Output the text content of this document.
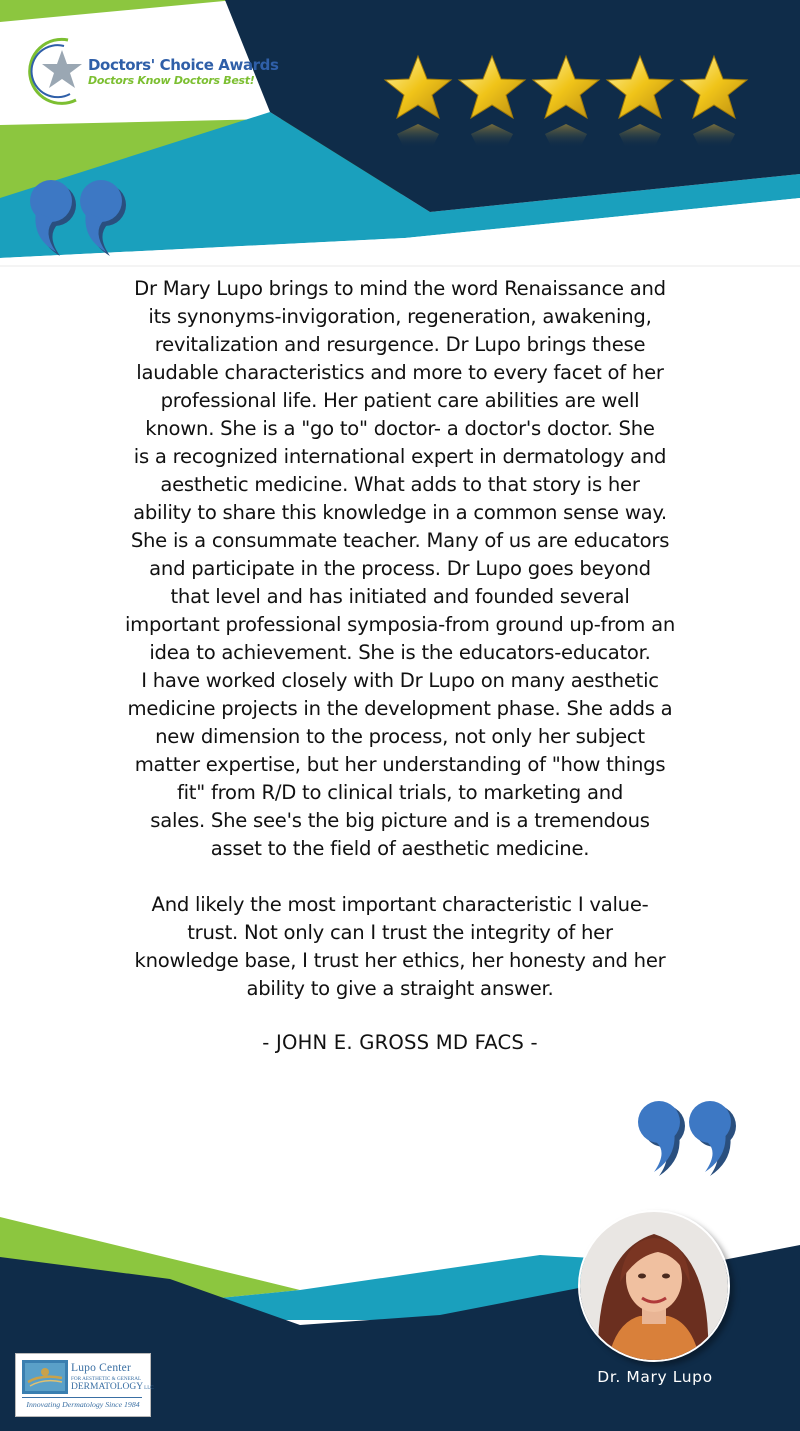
Doctors' Choice Awards
Doctors Know Doctors Best!

Dr Mary Lupo brings to mind the word Renaissance and
its synonyms-invigoration, regeneration, awakening,
revitalization and resurgence. Dr Lupo brings these
laudable characteristics and more to every facet of her
professional life. Her patient care abilities are well
known. She is a "go to" doctor- a doctor's doctor. She
is a recognized international expert in dermatology and
aesthetic medicine. What adds to that story is her
ability to share this knowledge in a common sense way.
She is a consummate teacher. Many of us are educators
and participate in the process. Dr Lupo goes beyond
that level and has initiated and founded several
important professional symposia-from ground up-from an
idea to achievement. She is the educators-educator.
I have worked closely with Dr Lupo on many aesthetic
medicine projects in the development phase. She adds a
new dimension to the process, not only her subject
matter expertise, but her understanding of "how things
fit" from R/D to clinical trials, to marketing and
sales. She see's the big picture and is a tremendous
asset to the field of aesthetic medicine.

And likely the most important characteristic I value-
trust. Not only can I trust the integrity of her
knowledge base, I trust her ethics, her honesty and her
ability to give a straight answer.

- JOHN E. GROSS MD FACS -
Dr. Mary Lupo
Lupo Center
FOR AESTHETIC & GENERAL
DERMATOLOGYLLC
Innovating Dermatology Since 1984
